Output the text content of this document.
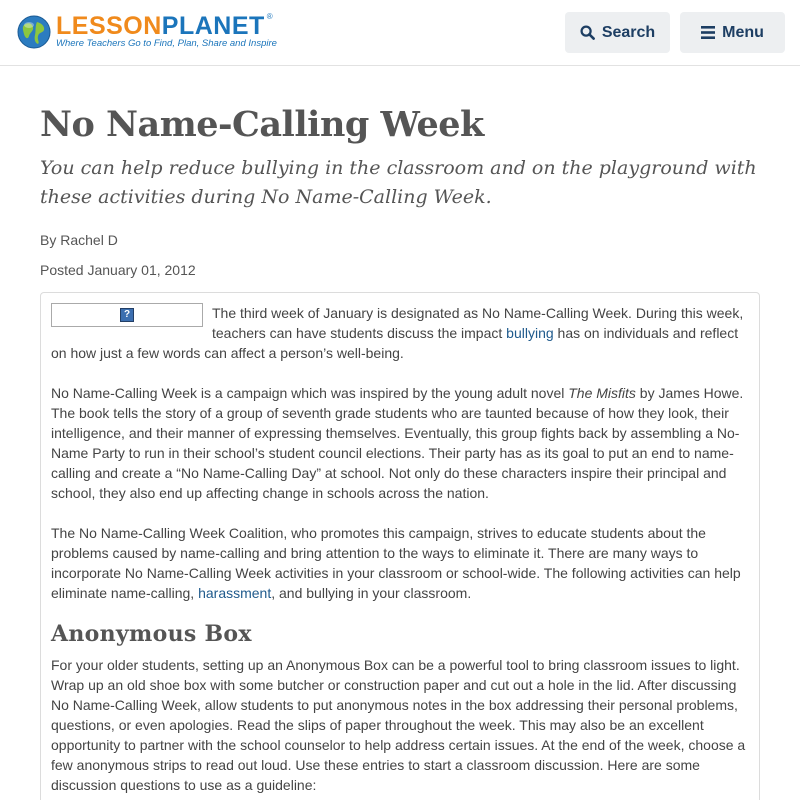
LESSONPLANET ®
Where Teachers Go to Find, Plan, Share and Inspire
Search	Menu
No Name-Calling Week
You can help reduce bullying in the classroom and on the playground with these activities during No Name-Calling Week.
By Rachel D
Posted January 01, 2012

?	The third week of January is designated as No Name-Calling Week. During this week, teachers can have students discuss the impact bullying has on individuals and reflect on how just a few words can affect a person’s well-being.

No Name-Calling Week is a campaign which was inspired by the young adult novel The Misfits by James Howe. The book tells the story of a group of seventh grade students who are taunted because of how they look, their intelligence, and their manner of expressing themselves. Eventually, this group fights back by assembling a No-Name Party to run in their school’s student council elections. Their party has as its goal to put an end to name-calling and create a “No Name-Calling Day” at school. Not only do these characters inspire their principal and school, they also end up affecting change in schools across the nation.

The No Name-Calling Week Coalition, who promotes this campaign, strives to educate students about the problems caused by name-calling and bring attention to the ways to eliminate it. There are many ways to incorporate No Name-Calling Week activities in your classroom or school-wide. The following activities can help eliminate name-calling, harassment, and bullying in your classroom.

Anonymous Box

For your older students, setting up an Anonymous Box can be a powerful tool to bring classroom issues to light. Wrap up an old shoe box with some butcher or construction paper and cut out a hole in the lid. After discussing No Name-Calling Week, allow students to put anonymous notes in the box addressing their personal problems, questions, or even apologies. Read the slips of paper throughout the week. This may also be an excellent opportunity to partner with the school counselor to help address certain issues. At the end of the week, choose a few anonymous strips to read out loud. Use these entries to start a classroom discussion. Here are some discussion questions to use as a guideline:
